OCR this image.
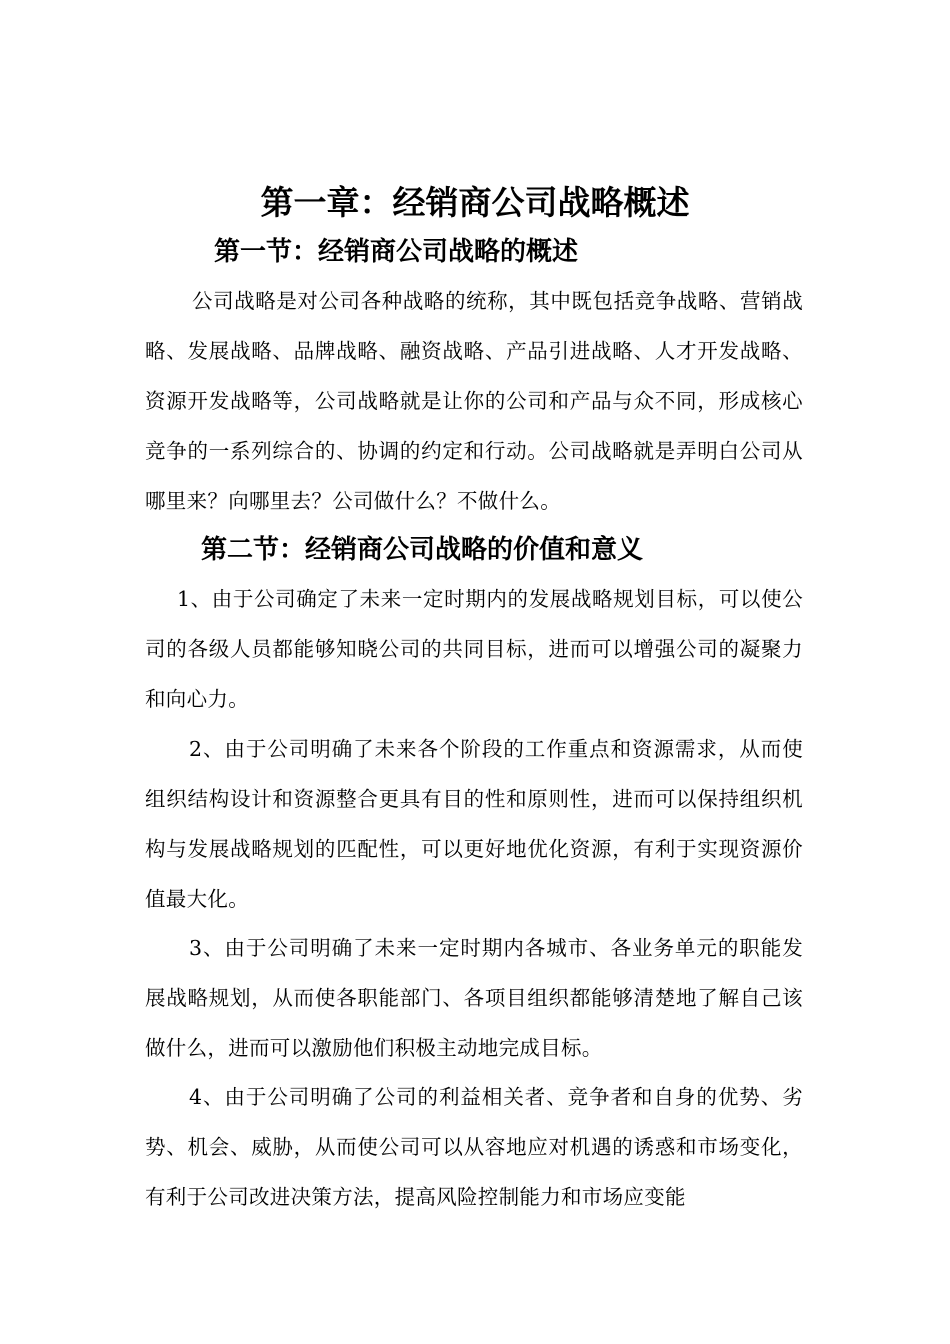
第一章：经销商公司战略概述
第一节：经销商公司战略的概述

公司战略是对公司各种战略的统称，其中既包括竞争战略、营销战略、发展战略、品牌战略、融资战略、产品引进战略、人才开发战略、资源开发战略等，公司战略就是让你的公司和产品与众不同，形成核心竞争的一系列综合的、协调的约定和行动。公司战略就是弄明白公司从哪里来？向哪里去？公司做什么？不做什么。

第二节：经销商公司战略的价值和意义

1、由于公司确定了未来一定时期内的发展战略规划目标，可以使公司的各级人员都能够知晓公司的共同目标，进而可以增强公司的凝聚力和向心力。

2、由于公司明确了未来各个阶段的工作重点和资源需求，从而使组织结构设计和资源整合更具有目的性和原则性，进而可以保持组织机构与发展战略规划的匹配性，可以更好地优化资源，有利于实现资源价值最大化。

3、由于公司明确了未来一定时期内各城市、各业务单元的职能发展战略规划，从而使各职能部门、各项目组织都能够清楚地了解自己该做什么，进而可以激励他们积极主动地完成目标。

4、由于公司明确了公司的利益相关者、竞争者和自身的优势、劣势、机会、威胁，从而使公司可以从容地应对机遇的诱惑和市场变化，有利于公司改进决策方法，提高风险控制能力和市场应变能
